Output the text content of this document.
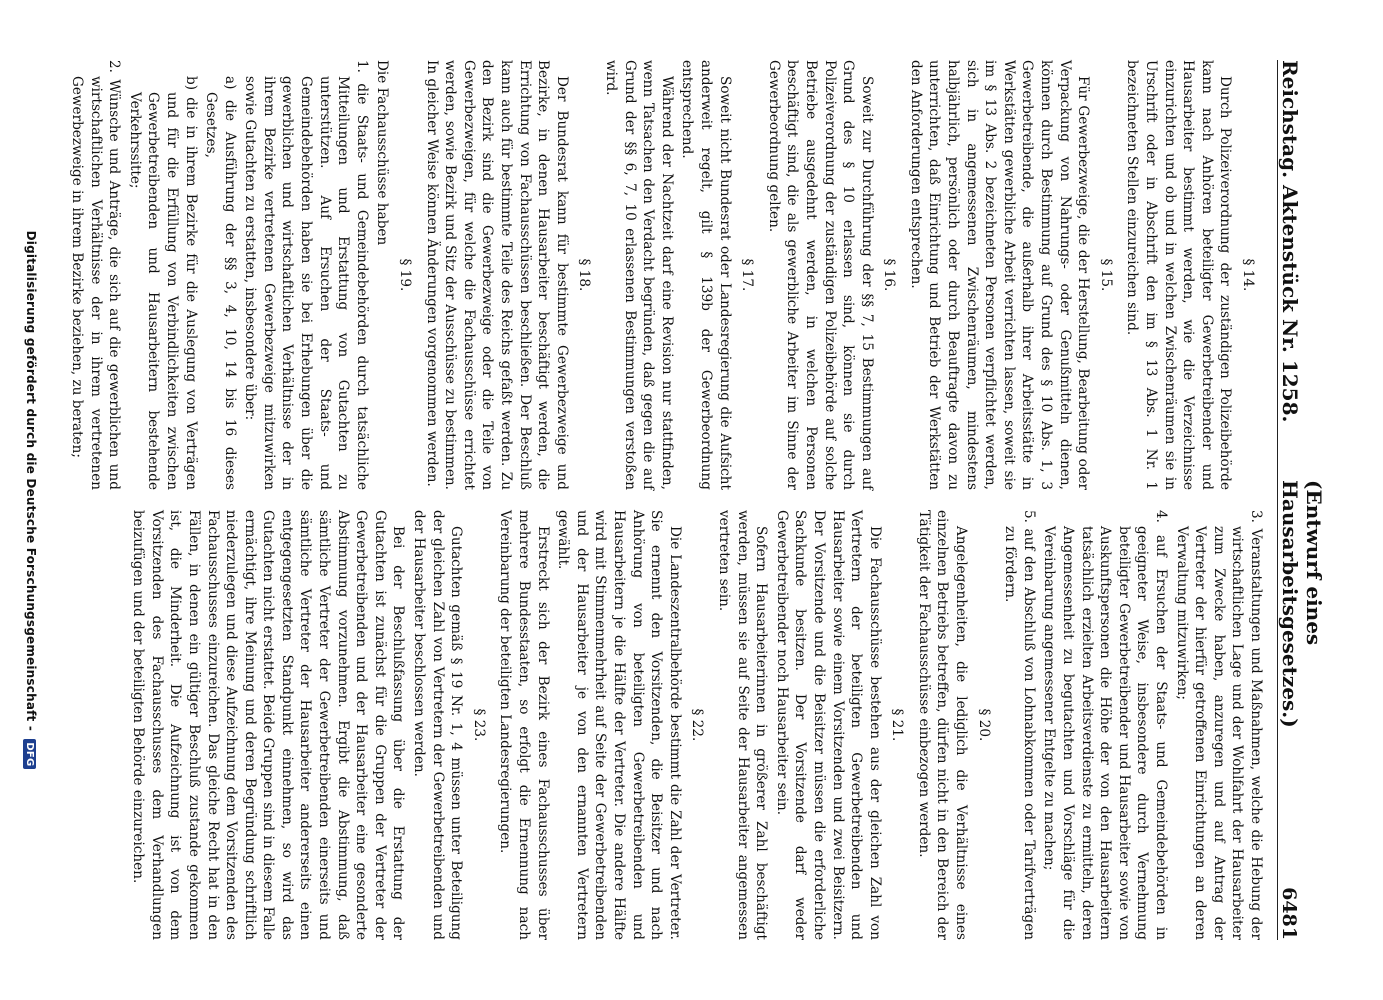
Reichstag. Aktenstück Nr. 1258.
(Entwurf eines Hausarbeitsgesetzes.)
6481
§ 14.

Durch Polizeiverordnung der zuständigen Polizeibehörde kann nach Anhören beteiligter Gewerbetreibender und Hausarbeiter bestimmt werden, wie die Verzeichnisse einzurichten und ob und in welchen Zwischenräumen sie in Urschrift oder in Abschrift den im § 13 Abs. 1 Nr. 1 bezeichneten Stellen einzureichen sind.

§ 15.

Für Gewerbezweige, die der Herstellung, Bearbeitung oder Verpackung von Nahrungs- oder Genußmitteln dienen, können durch Bestimmung auf Grund des § 10 Abs. 1, 3 Gewerbetreibende, die außerhalb ihrer Arbeitsstätte in Werkstätten gewerbliche Arbeit verrichten lassen, soweit sie im § 13 Abs. 2 bezeichneten Personen verpflichtet werden, sich in angemessenen Zwischenräumen, mindestens halbjährlich, persönlich oder durch Beauftragte davon zu unterrichten, daß Einrichtung und Betrieb der Werkstätten den Anforderungen entsprechen.

§ 16.

Soweit zur Durchführung der §§ 7, 15 Bestimmungen auf Grund des § 10 erlassen sind, können sie durch Polizeiverordnung der zuständigen Polizeibehörde auf solche Betriebe ausgedehnt werden, in welchen Personen beschäftigt sind, die als gewerbliche Arbeiter im Sinne der Gewerbeordnung gelten.

§ 17.

Soweit nicht Bundesrat oder Landesregierung die Aufsicht anderweit regelt, gilt § 139b der Gewerbeordnung entsprechend.

Während der Nachtzeit darf eine Revision nur stattfinden, wenn Tatsachen den Verdacht begründen, daß gegen die auf Grund der §§ 6, 7, 10 erlassenen Bestimmungen verstoßen wird.

§ 18.

Der Bundesrat kann für bestimmte Gewerbezweige und Bezirke, in denen Hausarbeiter beschäftigt werden, die Errichtung von Fachausschüssen beschließen. Der Beschluß kann auch für bestimmte Teile des Reichs gefaßt werden. Zu den Bezirk sind die Gewerbezweige oder die Teile von Gewerbezweigen, für welche die Fachausschüsse errichtet werden, sowie Bezirk und Sitz der Ausschüsse zu bestimmen. In gleicher Weise können Änderungen vorgenommen werden.

§ 19.

Die Fachausschüsse haben

1. die Staats- und Gemeindebehörden durch tatsächliche Mitteilungen und Erstattung von Gutachten zu unterstützen. Auf Ersuchen der Staats- und Gemeindebehörden haben sie bei Erhebungen über die gewerblichen und wirtschaftlichen Verhältnisse der in ihrem Bezirke vertretenen Gewerbezweige mitzuwirken sowie Gutachten zu erstatten, insbesondere über:
a) die Ausführung der §§ 3, 4, 10, 14 bis 16 dieses Gesetzes,
b) die in ihrem Bezirke für die Auslegung von Verträgen und für die Erfüllung von Verbindlichkeiten zwischen Gewerbetreibenden und Hausarbeitern bestehende Verkehrssitte;
2. Wünsche und Anträge, die sich auf die gewerblichen und wirtschaftlichen Verhältnisse der in ihrem vertretenen Gewerbezweige in ihrem Bezirke beziehen, zu beraten;
3. Veranstaltungen und Maßnahmen, welche die Hebung der wirtschaftlichen Lage und der Wohlfahrt der Hausarbeiter zum Zwecke haben, anzuregen und auf Antrag der Vertreter der hierfür getroffenen Einrichtungen an deren Verwaltung mitzuwirken;
4. auf Ersuchen der Staats- und Gemeindebehörden in geeigneter Weise, insbesondere durch Vernehmung beteiligter Gewerbetreibender und Hausarbeiter sowie von Auskunftspersonen die Höhe der von den Hausarbeitern tatsächlich erzielten Arbeitsverdienste zu ermitteln, deren Angemessenheit zu begutachten und Vorschläge für die Vereinbarung angemessener Entgelte zu machen;
5. auf den Abschluß von Lohnabkommen oder Tarifverträgen zu fördern.
§ 20.

Angelegenheiten, die lediglich die Verhältnisse eines einzelnen Betriebs betreffen, dürfen nicht in den Bereich der Tätigkeit der Fachausschüsse einbezogen werden.

§ 21.

Die Fachausschüsse bestehen aus der gleichen Zahl von Vertretern der beteiligten Gewerbetreibenden und Hausarbeiter sowie einem Vorsitzenden und zwei Beisitzern. Der Vorsitzende und die Beisitzer müssen die erforderliche Sachkunde besitzen. Der Vorsitzende darf weder Gewerbetreibender noch Hausarbeiter sein.

Sofern Hausarbeiterinnen in größerer Zahl beschäftigt werden, müssen sie auf Seite der Hausarbeiter angemessen vertreten sein.

§ 22.

Die Landeszentralbehörde bestimmt die Zahl der Vertreter. Sie ernennt den Vorsitzenden, die Beisitzer und nach Anhörung von beteiligten Gewerbetreibenden und Hausarbeitern je die Hälfte der Vertreter. Die andere Hälfte wird mit Stimmenmehrheit auf Seite der Gewerbetreibenden und der Hausarbeiter je von den ernannten Vertretern gewählt.

Erstreckt sich der Bezirk eines Fachausschusses über mehrere Bundesstaaten, so erfolgt die Ernennung nach Vereinbarung der beteiligten Landesregierungen.

§ 23.

Gutachten gemäß § 19 Nr. 1, 4 müssen unter Beteiligung der gleichen Zahl von Vertretern der Gewerbetreibenden und der Hausarbeiter beschlossen werden.

Bei der Beschlußfassung über die Erstattung der Gutachten ist zunächst für die Gruppen der Vertreter der Gewerbetreibenden und der Hausarbeiter eine gesonderte Abstimmung vorzunehmen. Ergibt die Abstimmung, daß sämtliche Vertreter der Gewerbetreibenden einerseits und sämtliche Vertreter der Hausarbeiter andererseits einen entgegengesetzten Standpunkt einnehmen, so wird das Gutachten nicht erstattet. Beide Gruppen sind in diesem Falle ermächtigt, ihre Meinung und deren Begründung schriftlich niederzulegen und diese Aufzeichnung dem Vorsitzenden des Fachausschusses einzureichen. Das gleiche Recht hat in den Fällen, in denen ein gültiger Beschluß zustande gekommen ist, die Minderheit. Die Aufzeichnung ist von dem Vorsitzenden des Fachausschusses dem Verhandlungen beizufügen und der beteiligten Behörde einzureichen.

Digitalisierung gefördert durch die Deutsche Forschungsgemeinschaft - DFG
